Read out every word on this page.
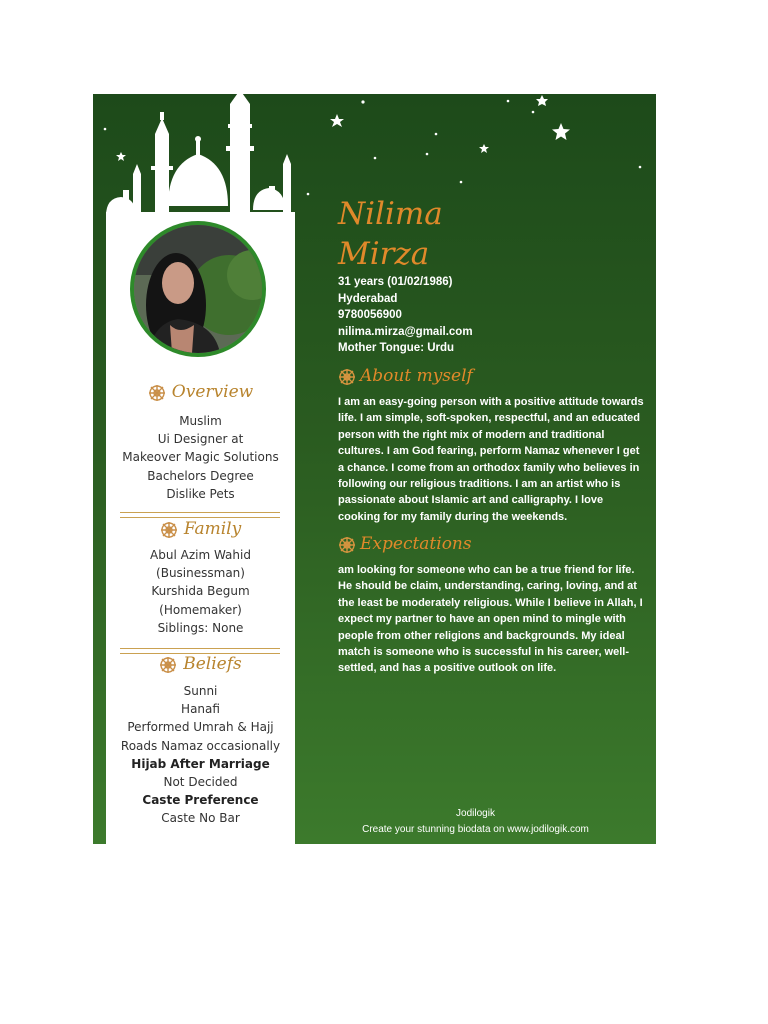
Overview
Muslim
Ui Designer at
Makeover Magic Solutions
Bachelors Degree
Dislike Pets
Family
Abul Azim Wahid
(Businessman)
Kurshida Begum
(Homemaker)
Siblings: None
Beliefs
Sunni
Hanafi
Performed Umrah & Hajj
Roads Namaz occasionally
Hijab After Marriage
Not Decided
Caste Preference
Caste No Bar
Nilima
Mirza
31 years (01/02/1986)
Hyderabad
9780056900
nilima.mirza@gmail.com
Mother Tongue: Urdu
About myself
I am an easy-going person with a positive attitude towards life. I am simple, soft-spoken, respectful, and an educated person with the right mix of modern and traditional cultures. I am God fearing, perform Namaz whenever I get a chance. I come from an orthodox family who believes in following our religious traditions. I am an artist who is passionate about Islamic art and calligraphy. I love cooking for my family during the weekends.
Expectations
am looking for someone who can be a true friend for life. He should be claim, understanding, caring, loving, and at the least be moderately religious. While I believe in Allah, I expect my partner to have an open mind to mingle with people from other religions and backgrounds. My ideal match is someone who is successful in his career, well-settled, and has a positive outlook on life.
Jodilogik
Create your stunning biodata on www.jodilogik.com
